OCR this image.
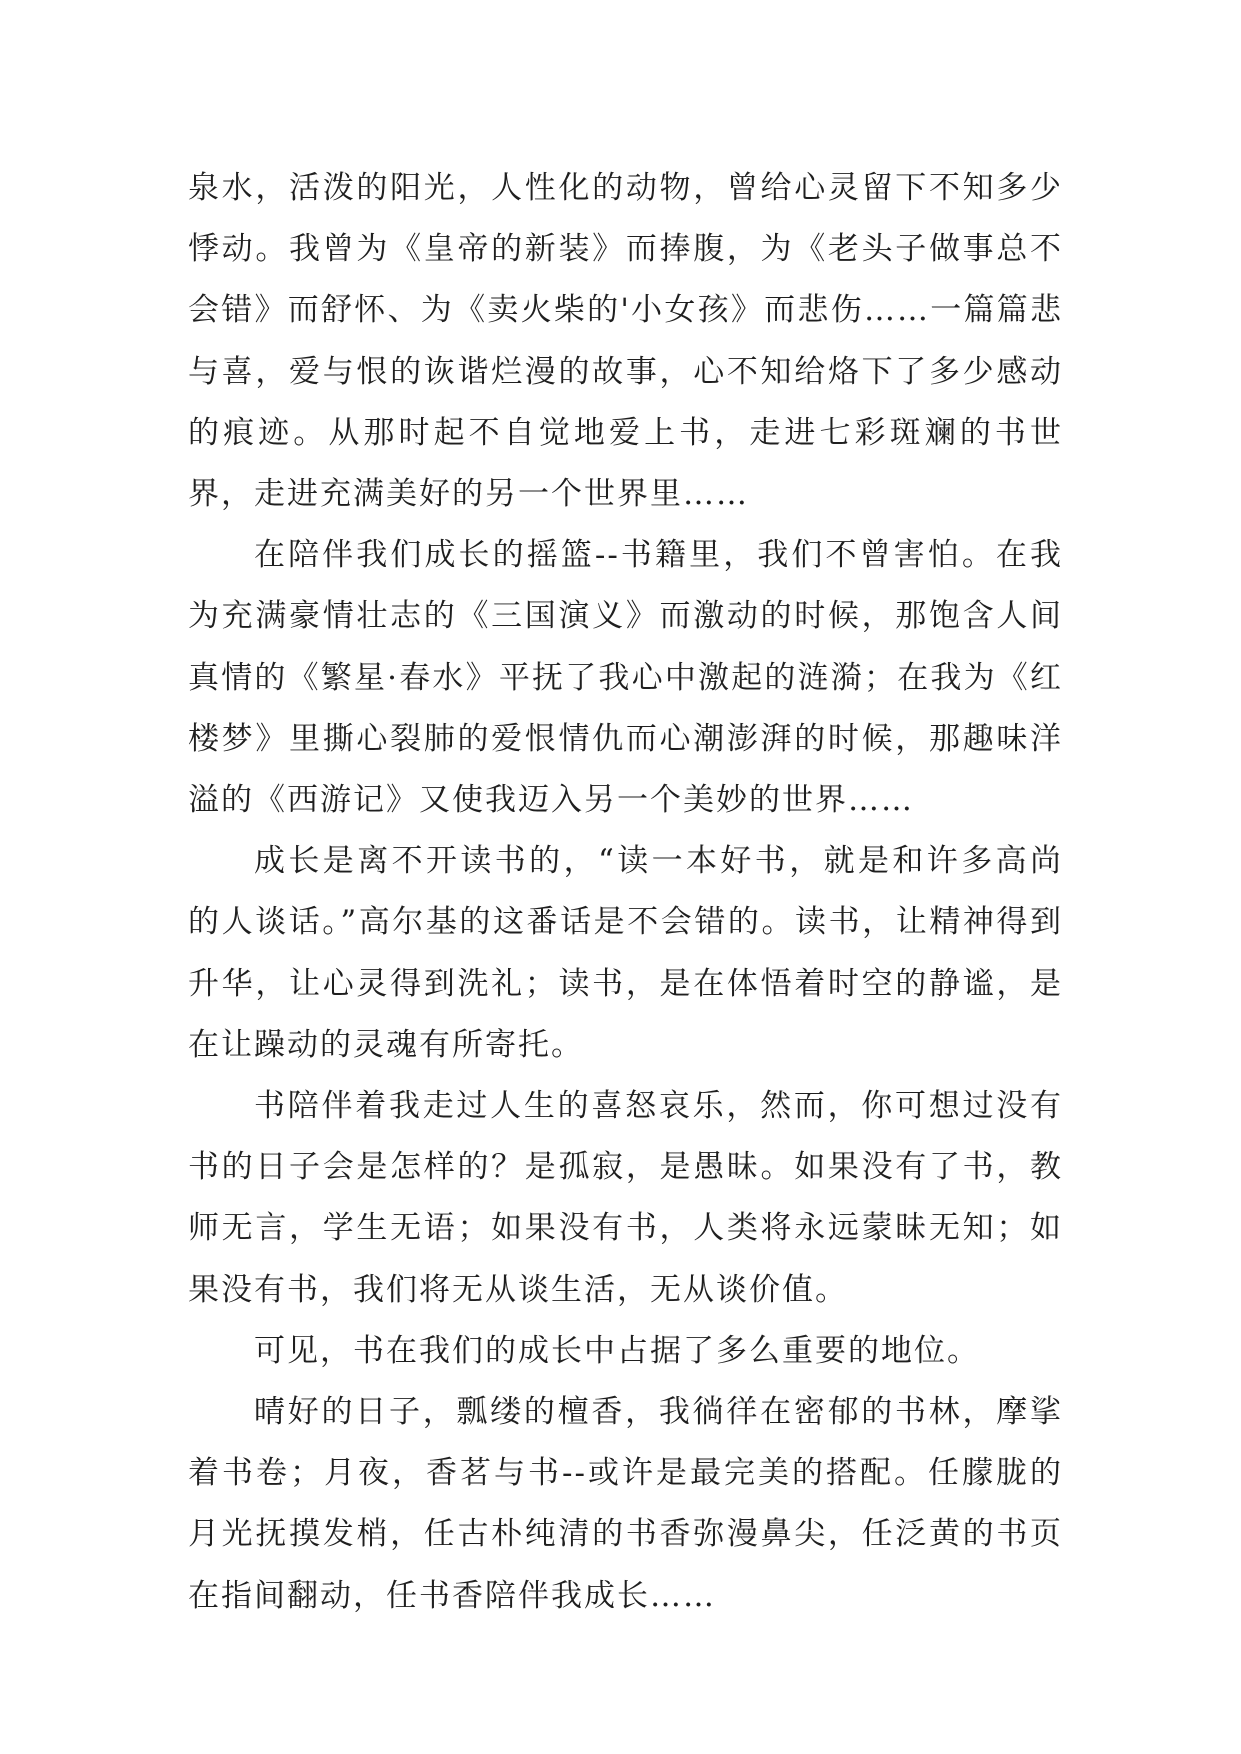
泉水，活泼的阳光，人性化的动物，曾给心灵留下不知多少悸动。我曾为《皇帝的新装》而捧腹，为《老头子做事总不会错》而舒怀、为《卖火柴的'小女孩》而悲伤……一篇篇悲与喜，爱与恨的诙谐烂漫的故事，心不知给烙下了多少感动的痕迹。从那时起不自觉地爱上书，走进七彩斑斓的书世界，走进充满美好的另一个世界里……

在陪伴我们成长的摇篮--书籍里，我们不曾害怕。在我为充满豪情壮志的《三国演义》而激动的时候，那饱含人间真情的《繁星·春水》平抚了我心中激起的涟漪；在我为《红楼梦》里撕心裂肺的爱恨情仇而心潮澎湃的时候，那趣味洋溢的《西游记》又使我迈入另一个美妙的世界……

成长是离不开读书的，“读一本好书，就是和许多高尚的人谈话。”高尔基的这番话是不会错的。读书，让精神得到升华，让心灵得到洗礼；读书，是在体悟着时空的静谧，是在让躁动的灵魂有所寄托。

书陪伴着我走过人生的喜怒哀乐，然而，你可想过没有书的日子会是怎样的？是孤寂，是愚昧。如果没有了书，教师无言，学生无语；如果没有书，人类将永远蒙昧无知；如果没有书，我们将无从谈生活，无从谈价值。

可见，书在我们的成长中占据了多么重要的地位。

晴好的日子，瓢缕的檀香，我徜徉在密郁的书林，摩挲着书卷；月夜，香茗与书--或许是最完美的搭配。任朦胧的月光抚摸发梢，任古朴纯清的书香弥漫鼻尖，任泛黄的书页在指间翻动，任书香陪伴我成长……
